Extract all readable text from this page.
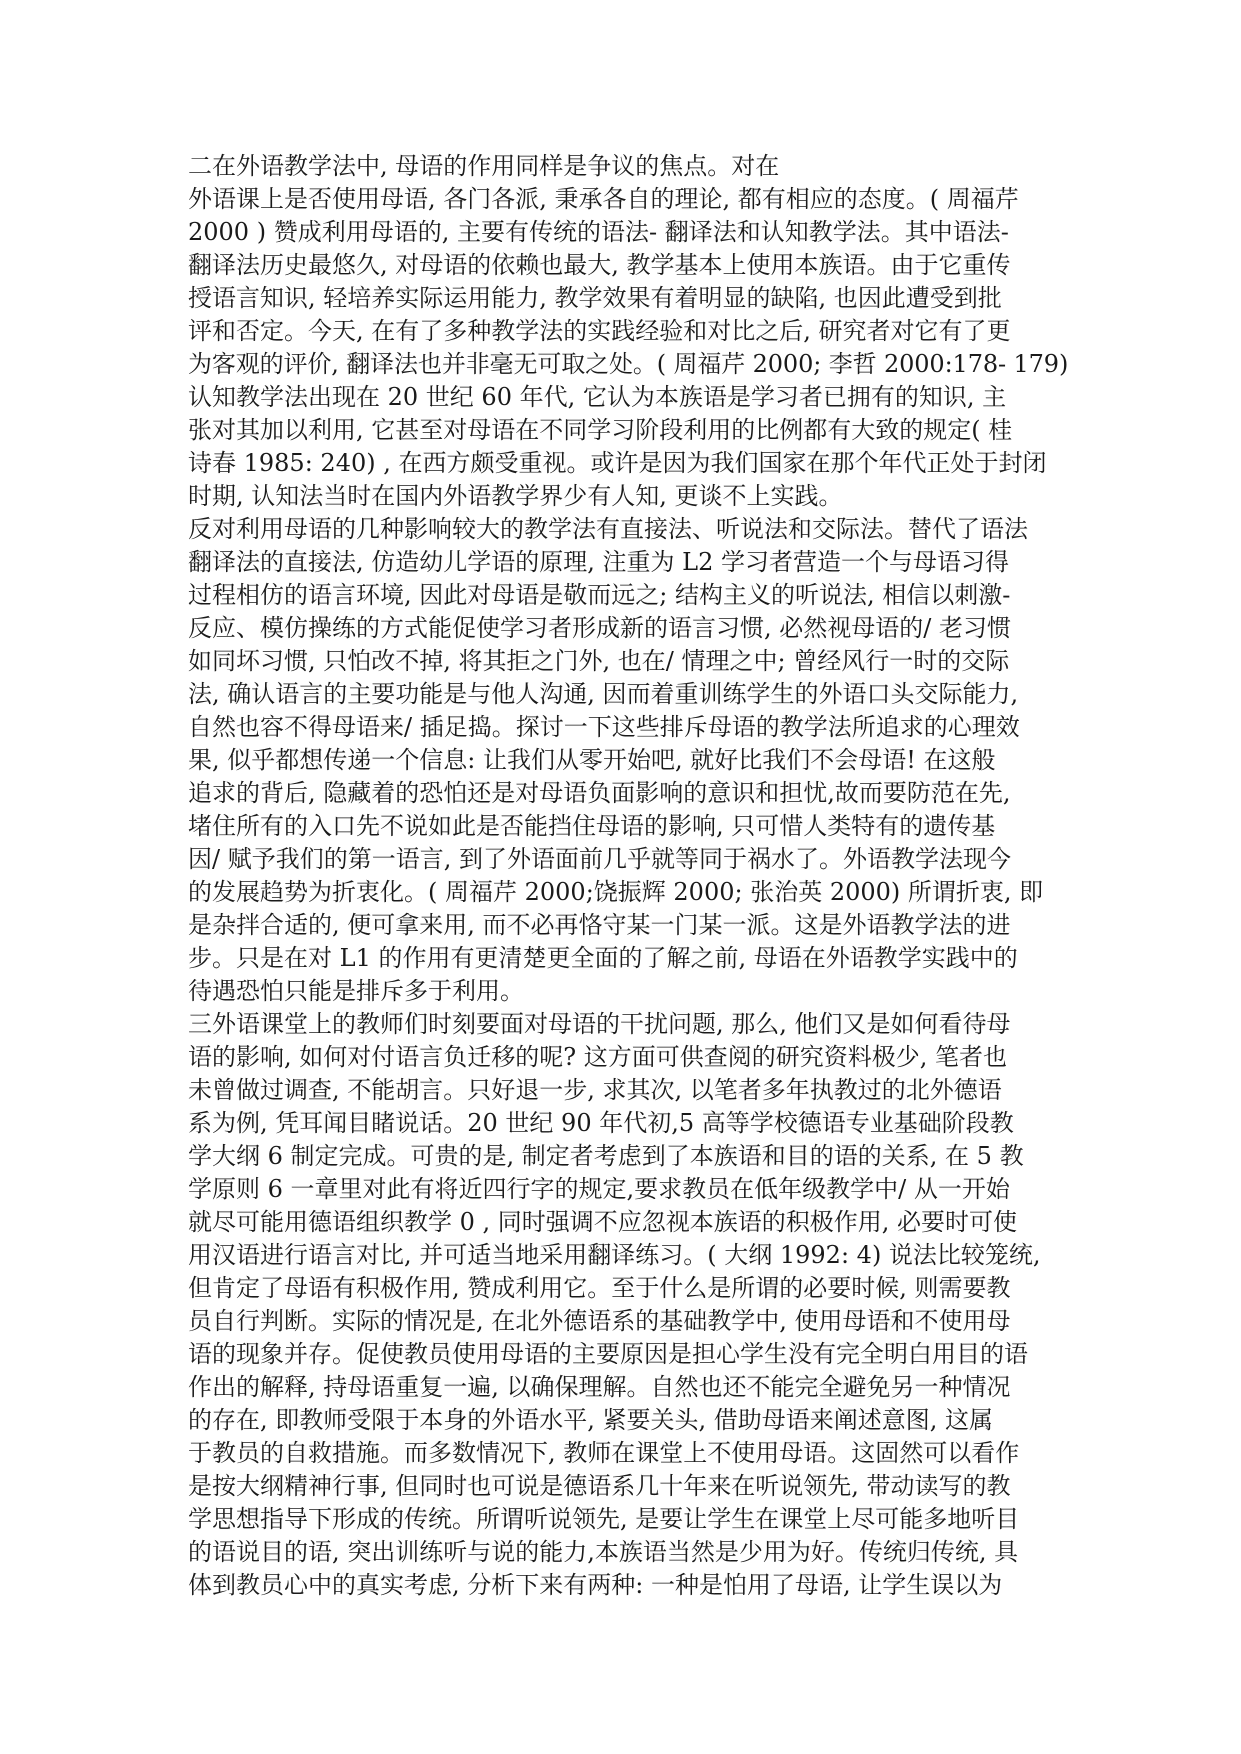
二在外语教学法中, 母语的作用同样是争议的焦点。对在
外语课上是否使用母语, 各门各派, 秉承各自的理论, 都有相应的态度。( 周福芹
2000 ) 赞成利用母语的, 主要有传统的语法- 翻译法和认知教学法。其中语法-
翻译法历史最悠久, 对母语的依赖也最大, 教学基本上使用本族语。由于它重传
授语言知识, 轻培养实际运用能力, 教学效果有着明显的缺陷, 也因此遭受到批
评和否定。今天, 在有了多种教学法的实践经验和对比之后, 研究者对它有了更
为客观的评价, 翻译法也并非毫无可取之处。( 周福芹 2000; 李哲 2000:178- 179)
认知教学法出现在 20 世纪 60 年代, 它认为本族语是学习者已拥有的知识, 主
张对其加以利用, 它甚至对母语在不同学习阶段利用的比例都有大致的规定( 桂
诗春 1985: 240) , 在西方颇受重视。或许是因为我们国家在那个年代正处于封闭
时期, 认知法当时在国内外语教学界少有人知, 更谈不上实践。
反对利用母语的几种影响较大的教学法有直接法、听说法和交际法。替代了语法
翻译法的直接法, 仿造幼儿学语的原理, 注重为 L2 学习者营造一个与母语习得
过程相仿的语言环境, 因此对母语是敬而远之; 结构主义的听说法, 相信以刺激-
反应、模仿操练的方式能促使学习者形成新的语言习惯, 必然视母语的/ 老习惯
如同坏习惯, 只怕改不掉, 将其拒之门外, 也在/ 情理之中; 曾经风行一时的交际
法, 确认语言的主要功能是与他人沟通, 因而着重训练学生的外语口头交际能力,
自然也容不得母语来/ 插足捣。探讨一下这些排斥母语的教学法所追求的心理效
果, 似乎都想传递一个信息: 让我们从零开始吧, 就好比我们不会母语! 在这般
追求的背后, 隐藏着的恐怕还是对母语负面影响的意识和担忧,故而要防范在先,
堵住所有的入口先不说如此是否能挡住母语的影响, 只可惜人类特有的遗传基
因/ 赋予我们的第一语言, 到了外语面前几乎就等同于祸水了。外语教学法现今
的发展趋势为折衷化。( 周福芹 2000;饶振辉 2000; 张治英 2000) 所谓折衷, 即
是杂拌合适的, 便可拿来用, 而不必再恪守某一门某一派。这是外语教学法的进
步。只是在对 L1 的作用有更清楚更全面的了解之前, 母语在外语教学实践中的
待遇恐怕只能是排斥多于利用。
三外语课堂上的教师们时刻要面对母语的干扰问题, 那么, 他们又是如何看待母
语的影响, 如何对付语言负迁移的呢? 这方面可供查阅的研究资料极少, 笔者也
未曾做过调查, 不能胡言。只好退一步, 求其次, 以笔者多年执教过的北外德语
系为例, 凭耳闻目睹说话。20 世纪 90 年代初,5 高等学校德语专业基础阶段教
学大纲 6 制定完成。可贵的是, 制定者考虑到了本族语和目的语的关系, 在 5 教
学原则 6 一章里对此有将近四行字的规定,要求教员在低年级教学中/ 从一开始
就尽可能用德语组织教学 0 , 同时强调不应忽视本族语的积极作用, 必要时可使
用汉语进行语言对比, 并可适当地采用翻译练习。( 大纲 1992: 4) 说法比较笼统,
但肯定了母语有积极作用, 赞成利用它。至于什么是所谓的必要时候, 则需要教
员自行判断。实际的情况是, 在北外德语系的基础教学中, 使用母语和不使用母
语的现象并存。促使教员使用母语的主要原因是担心学生没有完全明白用目的语
作出的解释, 持母语重复一遍, 以确保理解。自然也还不能完全避免另一种情况
的存在, 即教师受限于本身的外语水平, 紧要关头, 借助母语来阐述意图, 这属
于教员的自救措施。而多数情况下, 教师在课堂上不使用母语。这固然可以看作
是按大纲精神行事, 但同时也可说是德语系几十年来在听说领先, 带动读写的教
学思想指导下形成的传统。所谓听说领先, 是要让学生在课堂上尽可能多地听目
的语说目的语, 突出训练听与说的能力,本族语当然是少用为好。传统归传统, 具
体到教员心中的真实考虑, 分析下来有两种: 一种是怕用了母语, 让学生误以为
